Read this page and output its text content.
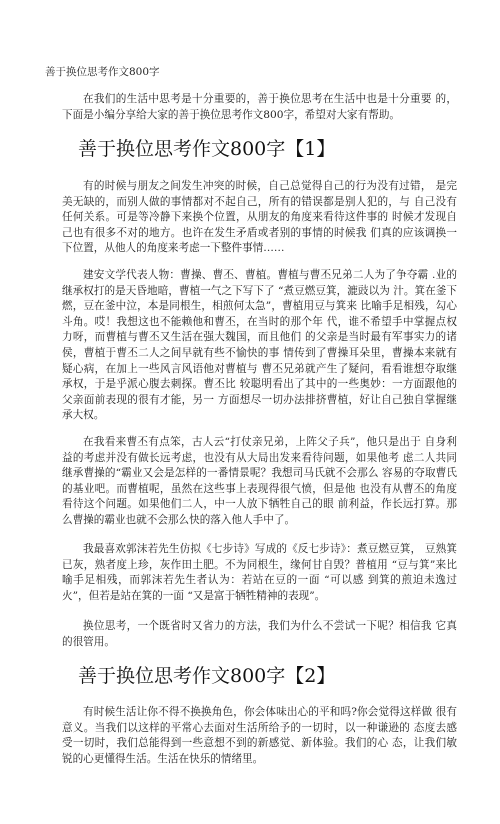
善于换位思考作文800字

在我们的生活中思考是十分重要的，善于换位思考在生活中也是十分重要 的，下面是小编分享给大家的善于换位思考作文800字，希望对大家有帮助。

善于换位思考作文800字【1】

有的时候与朋友之间发生冲突的时候，自己总觉得自己的行为没有过错， 是完美无缺的，而别人做的事情都对不起自己，所有的错误都是别人犯的，与 自己没有任何关系。可是等冷静下来换个位置，从朋友的角度来看待这件事的 时候才发现自己也有很多不对的地方。也许在发生矛盾或者别的事情的时候我 们真的应该调换一下位置，从他人的角度来考虑一下整件事情……

建安文学代表人物：曹操、曹丕、曹植。曹植与曹丕兄弟二人为了争夺霸 .业的继承权打的是天昏地暗，曹植一气之下写下了 “煮豆燃豆箕，漉豉以为 汁。箕在釜下燃，豆在釜中泣，本是同根生，相煎何太急”，曹植用豆与箕来 比喻手足相残，勾心斗角。哎！我想这也不能赖他和曹丕，在当时的那个年 代，谁不希望手中掌握点权力呀，而曹植与曹丕又生活在强大魏国，而且他们 的父亲是当时最有军事实力的诸侯，曹植于曹丕二人之间早就有些不愉快的事 情传到了曹操耳朵里，曹操本来就有疑心病，在加上一些风言风语他对曹植与 曹丕兄弟就产生了疑问，看看谁想夺取继承权，于是乎派心腹去刺探。曹丕比 较聪明看出了其中的一些奥妙：一方面跟他的父亲面前表现的很有才能，另一 方面想尽一切办法排挤曹植，好让自己独自掌握继承大权。

在我看来曹丕有点笨，古人云“打仗亲兄弟，上阵父子兵”，他只是出于 自身利益的考虑并没有做长远考虑，也没有从大局出发来看待问题，如果他考 虑二人共同继承曹操的“霸业又会是怎样的一番情景呢？我想司马氏就不会那么 容易的夺取曹氏的基业吧。而曹植呢，虽然在这些事上表现得很气愤，但是他 也没有从曹丕的角度看待这个问题。如果他们二人，中一人放下牺牲自己的眼 前利益，作长远打算。那么曹操的霸业也就不会那么快的落入他人手中了。

我最喜欢郭沫若先生仿拟《七步诗》写成的《反七步诗》：煮豆燃豆箕， 豆熟箕已灰，熟者度上珍，灰作田土肥。不为同根生，缘何甘自毁？普植用 “豆与箕”来比喻手足相残，而郭沫若先生者认为：若站在豆的一面 “可以感 到箕的煎迫未逸过火”，但若是站在箕的一面 “又是富于牺牲精神的表现”。

换位思考，一个既省时又省力的方法，我们为什么不尝试一下呢？相信我 它真的很管用。

善于换位思考作文800字【2】

有时候生活让你不得不换换角色，你会体味出心的平和吗?你会觉得这样做 很有意义。当我们以这样的平常心去面对生活所给予的一切时，以一种谦逊的 态度去感受一切时，我们总能得到一些意想不到的新感觉、新体验。我们的心 态，让我们敏锐的心更懂得生活。生活在快乐的情绪里。
